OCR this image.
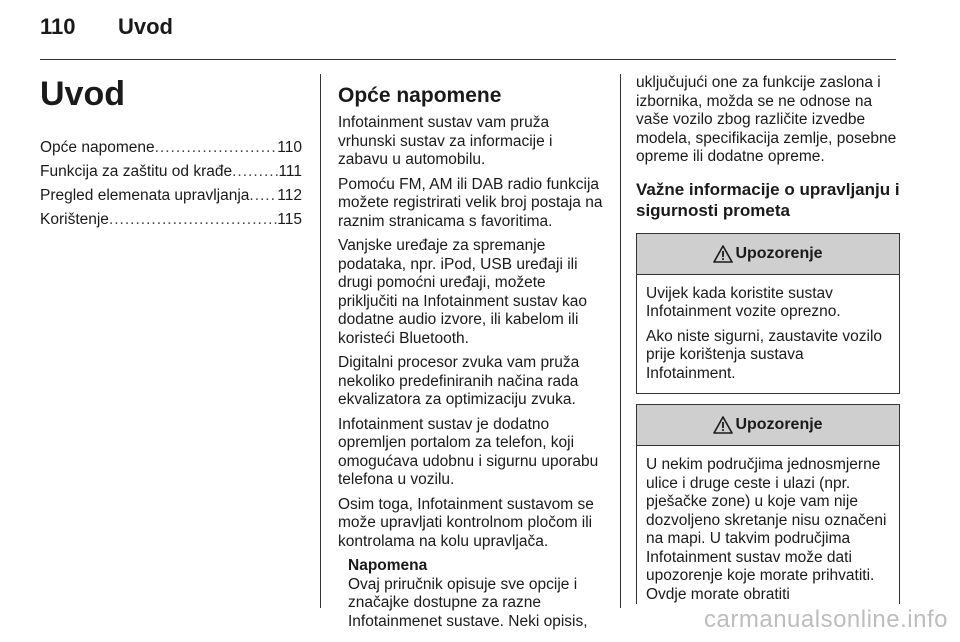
110 Uvod
Uvod
Opće napomene .....	110
Funkcija za zaštitu od krađe .....	111
Pregled elemenata upravljanja ..... 112
Korištenje .....	115
Opće napomene

Infotainment sustav vam pruža vrhunski sustav za informacije i zabavu u automobilu.

Pomoću FM, AM ili DAB radio funkcija možete registrirati velik broj postaja na raznim stranicama s favoritima.

Vanjske uređaje za spremanje podataka, npr. iPod, USB uređaji ili drugi pomoćni uređaji, možete priključiti na Infotainment sustav kao dodatne audio izvore, ili kabelom ili koristeći Bluetooth.

Digitalni procesor zvuka vam pruža nekoliko predefiniranih načina rada ekvalizatora za optimizaciju zvuka.

Infotainment sustav je dodatno opremljen portalom za telefon, koji omogućava udobnu i sigurnu uporabu telefona u vozilu.

Osim toga, Infotainment sustavom se može upravljati kontrolnom pločom ili kontrolama na kolu upravljača.

Napomena

Ovaj priručnik opisuje sve opcije i značajke dostupne za razne Infotainmenet sustave. Neki opisis,

uključujući one za funkcije zaslona i izbornika, možda se ne odnose na vaše vozilo zbog različite izvedbe modela, specifikacija zemlje, posebne opreme ili dodatne opreme.

Važne informacije o upravljanju i sigurnosti prometa
Upozorenje

Uvijek kada koristite sustav Infotainment vozite oprezno.

Ako niste sigurni, zaustavite vozilo prije korištenja sustava Infotainment.

Upozorenje

U nekim područjima jednosmjerne ulice i druge ceste i ulazi (npr. pješačke zone) u koje vam nije dozvoljeno skretanje nisu označeni na mapi. U takvim područjima Infotainment sustav može dati upozorenje koje morate prihvatiti. Ovdje morate obratiti

carmanualsonline.info
